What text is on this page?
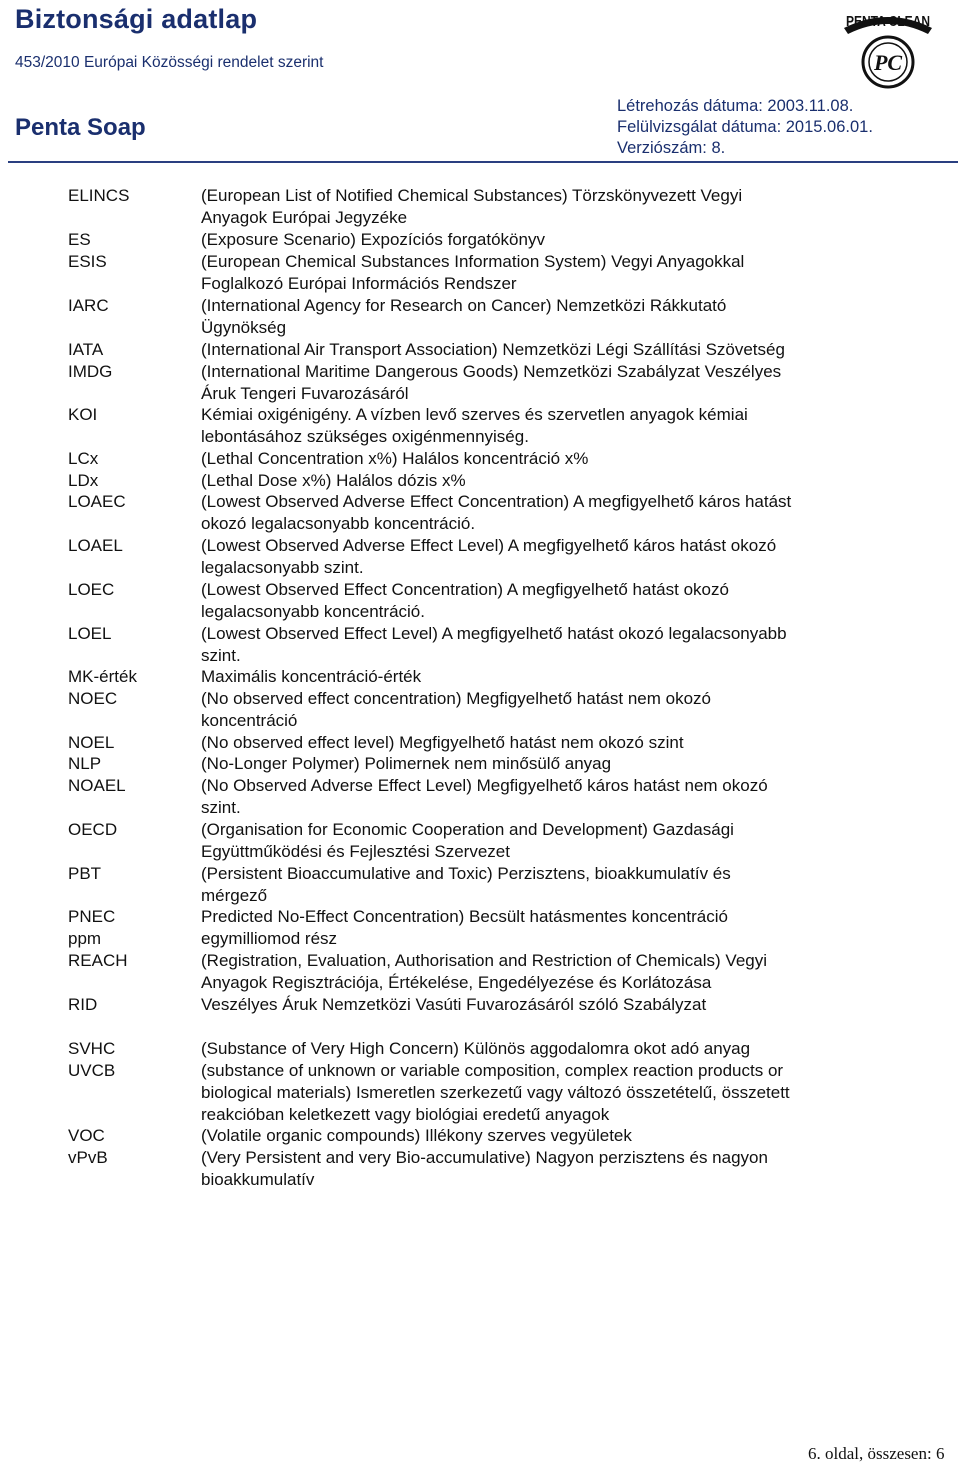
Biztonsági adatlap
453/2010 Európai Közösségi rendelet szerint
Penta Soap
Létrehozás dátuma: 2003.11.08.
Felülvizsgálat dátuma: 2015.06.01.
Verziószám: 8.
PENTA CLEAN
PC
ELINCS	(European List of Notified Chemical Substances) Törzskönyvezett Vegyi
Anyagok Európai Jegyzéke
ES	(Exposure Scenario) Expozíciós forgatókönyv
ESIS	(European Chemical Substances Information System) Vegyi Anyagokkal
Foglalkozó Európai Információs Rendszer
IARC	(International Agency for Research on Cancer) Nemzetközi Rákkutató
Ügynökség
IATA	(International Air Transport Association) Nemzetközi Légi Szállítási Szövetség
IMDG	(International Maritime Dangerous Goods) Nemzetközi Szabályzat Veszélyes
Áruk Tengeri Fuvarozásáról
KOI	Kémiai oxigénigény. A vízben levő szerves és szervetlen anyagok kémiai
lebontásához szükséges oxigénmennyiség.
LCx	(Lethal Concentration x%) Halálos koncentráció x%
LDx	(Lethal Dose x%) Halálos dózis x%
LOAEC	(Lowest Observed Adverse Effect Concentration) A megfigyelhető káros hatást
okozó legalacsonyabb koncentráció.
LOAEL	(Lowest Observed Adverse Effect Level) A megfigyelhető káros hatást okozó
legalacsonyabb szint.
LOEC	(Lowest Observed Effect Concentration) A megfigyelhető hatást okozó
legalacsonyabb koncentráció.
LOEL	(Lowest Observed Effect Level) A megfigyelhető hatást okozó legalacsonyabb
szint.
MK-érték	Maximális koncentráció-érték
NOEC	(No observed effect concentration) Megfigyelhető hatást nem okozó
koncentráció
NOEL	(No observed effect level) Megfigyelhető hatást nem okozó szint
NLP	(No-Longer Polymer) Polimernek nem minősülő anyag
NOAEL	(No Observed Adverse Effect Level) Megfigyelhető káros hatást nem okozó
szint.
OECD	(Organisation for Economic Cooperation and Development) Gazdasági
Együttműködési és Fejlesztési Szervezet
PBT	(Persistent Bioaccumulative and Toxic) Perzisztens, bioakkumulatív és
mérgező
PNEC	Predicted No-Effect Concentration) Becsült hatásmentes koncentráció
ppm	egymilliomod rész
REACH	(Registration, Evaluation, Authorisation and Restriction of Chemicals) Vegyi
Anyagok Regisztrációja, Értékelése, Engedélyezése és Korlátozása
RID	Veszélyes Áruk Nemzetközi Vasúti Fuvarozásáról szóló Szabályzat
SVHC	(Substance of Very High Concern) Különös aggodalomra okot adó anyag
UVCB	(substance of unknown or variable composition, complex reaction products or
biological materials) Ismeretlen szerkezetű vagy változó összetételű, összetett
reakcióban keletkezett vagy biológiai eredetű anyagok
VOC	(Volatile organic compounds) Illékony szerves vegyületek
vPvB	(Very Persistent and very Bio-accumulative) Nagyon perzisztens és nagyon
bioakkumulatív
6. oldal, összesen: 6
